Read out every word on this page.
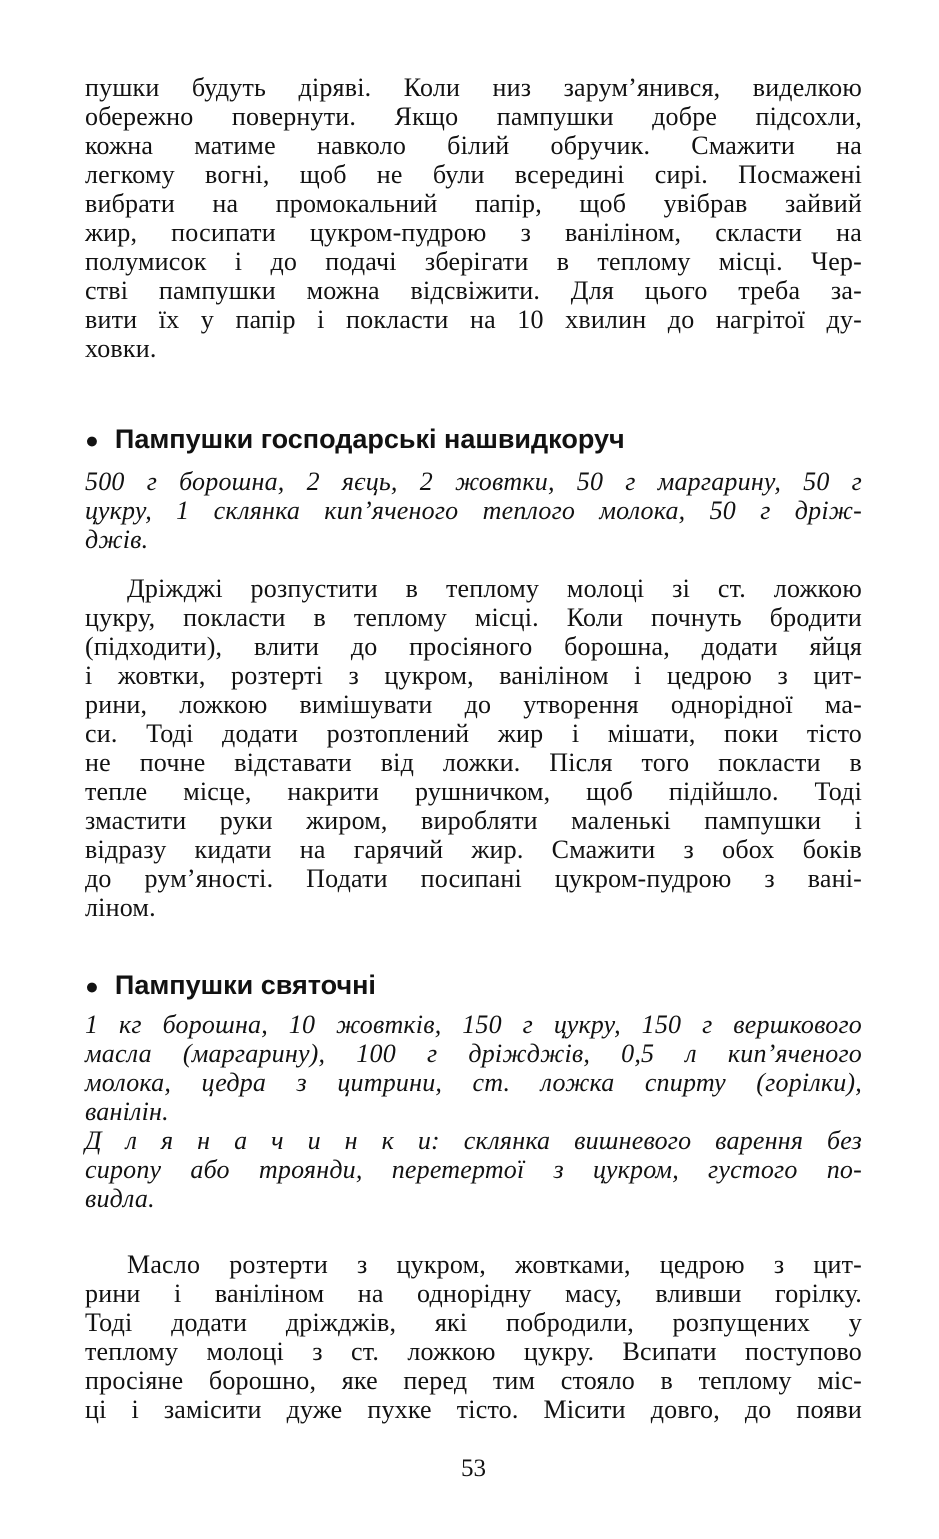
пушки будуть діряві. Коли низ зарум’янився, виделкою
обережно повернути. Якщо пампушки добре підсохли,
кожна матиме навколо білий обручик. Смажити на
легкому вогні, щоб не були всередині сирі. Посмажені
вибрати на промокальний папір, щоб увібрав зайвий
жир, посипати цукром-пудрою з ваніліном, скласти на
полумисок і до подачі зберігати в теплому місці. Чер-
стві пампушки можна відсвіжити. Для цього треба за-
вити їх у папір і покласти на 10 хвилин до нагрітої ду-
ховки.
● Пампушки господарські нашвидкоруч
500 г борошна, 2 яєць, 2 жовтки, 50 г маргарину, 50 г
цукру, 1 склянка кип’яченого теплого молока, 50 г дріж-
джів.
Дріжджі розпустити в теплому молоці зі ст. ложкою
цукру, покласти в теплому місці. Коли почнуть бродити
(підходити), влити до просіяного борошна, додати яйця
і жовтки, розтерті з цукром, ваніліном і цедрою з цит-
рини, ложкою вимішувати до утворення однорідної ма-
си. Тоді додати розтоплений жир і мішати, поки тісто
не почне відставати від ложки. Після того покласти в
тепле місце, накрити рушничком, щоб підійшло. Тоді
змастити руки жиром, виробляти маленькі пампушки і
відразу кидати на гарячий жир. Смажити з обох боків
до рум’яності. Подати посипані цукром-пудрою з вані-
ліном.
● Пампушки святочні
1 кг борошна, 10 жовтків, 150 г цукру, 150 г вершкового
масла (маргарину), 100 г дріжджів, 0,5 л кип’яченого
молока, цедра з цитрини, ст. ложка спирту (горілки),
ванілін.
Д л я н а ч и н к и: склянка вишневого варення без
сиропу або троянди, перетертої з цукром, густого по-
видла.
Масло розтерти з цукром, жовтками, цедрою з цит-
рини і ваніліном на однорідну масу, вливши горілку.
Тоді додати дріжджів, які побродили, розпущених у
теплому молоці з ст. ложкою цукру. Всипати поступово
просіяне борошно, яке перед тим стояло в теплому міс-
ці і замісити дуже пухке тісто. Місити довго, до появи
53
